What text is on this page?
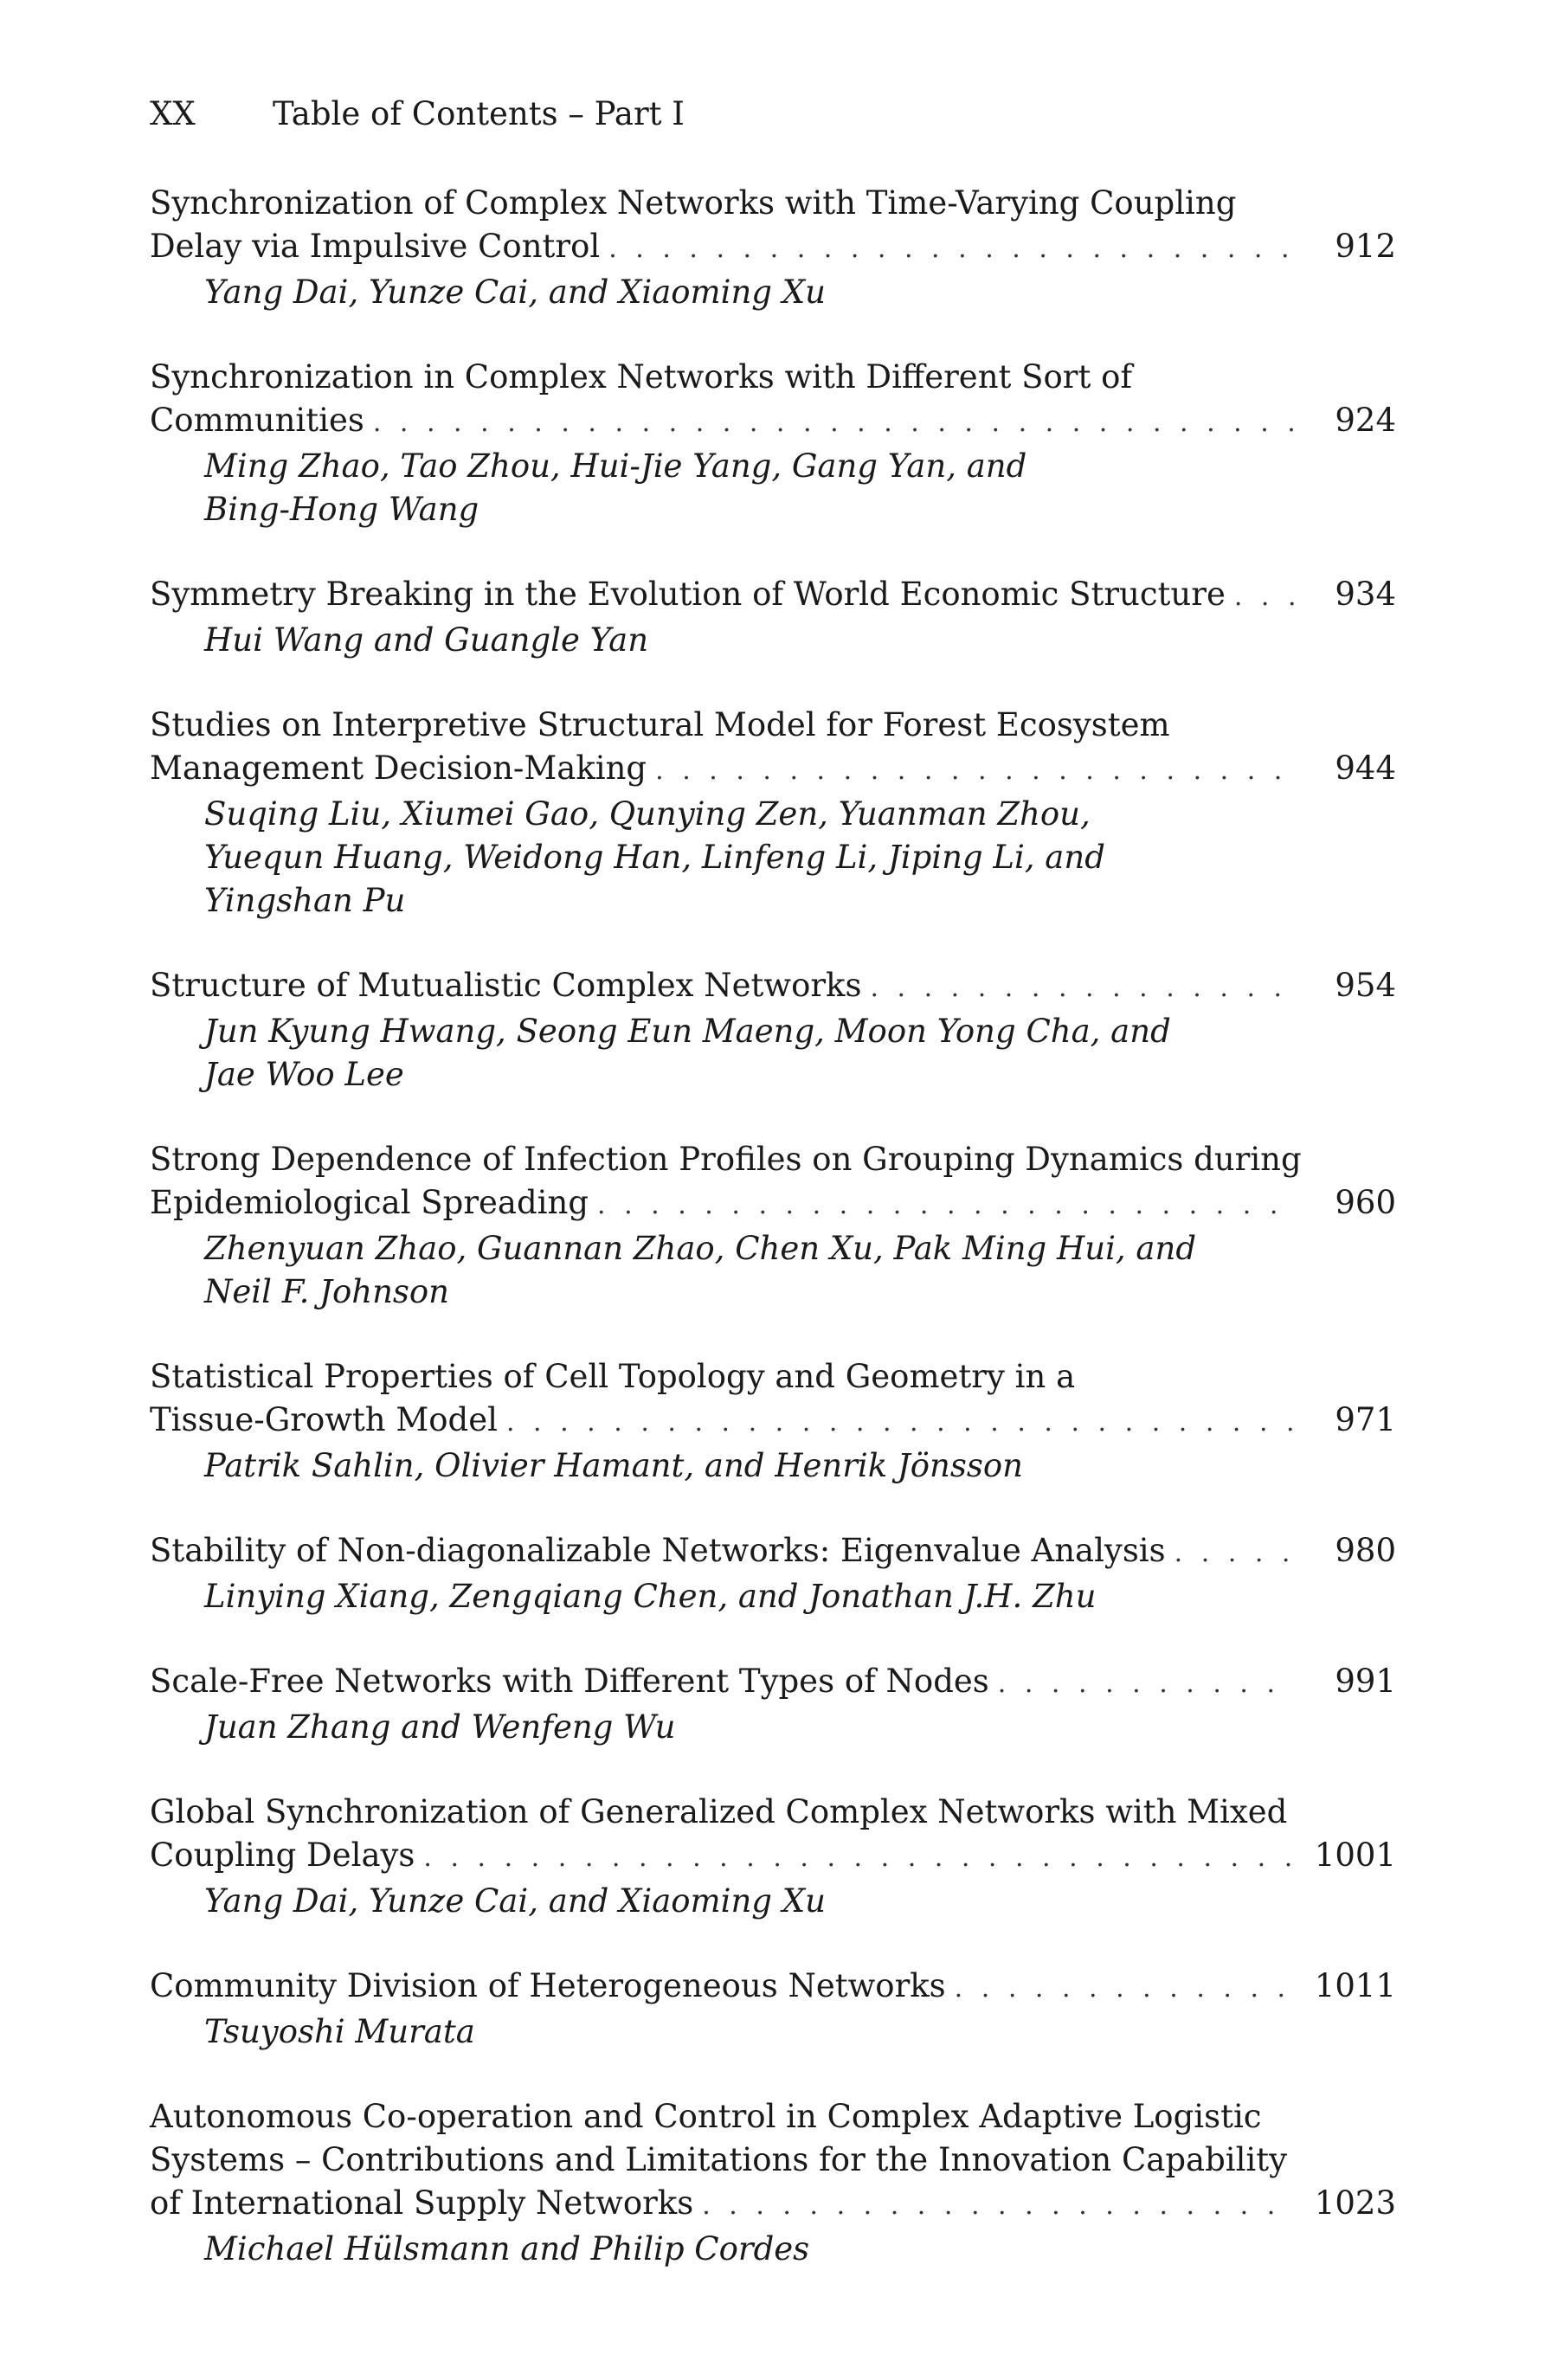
XX Table of Contents – Part I
Synchronization of Complex Networks with Time-Varying Coupling
Delay via Impulsive Control . . .	912
Yang Dai, Yunze Cai, and Xiaoming Xu
Synchronization in Complex Networks with Different Sort of
Communities . . .	924
Ming Zhao, Tao Zhou, Hui-Jie Yang, Gang Yan, and
Bing-Hong Wang
Symmetry Breaking in the Evolution of World Economic Structure . . .	934
Hui Wang and Guangle Yan
Studies on Interpretive Structural Model for Forest Ecosystem
Management Decision-Making . . .	944
Suqing Liu, Xiumei Gao, Qunying Zen, Yuanman Zhou,
Yuequn Huang, Weidong Han, Linfeng Li, Jiping Li, and
Yingshan Pu
Structure of Mutualistic Complex Networks . . .	954
Jun Kyung Hwang, Seong Eun Maeng, Moon Yong Cha, and
Jae Woo Lee
Strong Dependence of Infection Profiles on Grouping Dynamics during
Epidemiological Spreading . . .	960
Zhenyuan Zhao, Guannan Zhao, Chen Xu, Pak Ming Hui, and
Neil F. Johnson
Statistical Properties of Cell Topology and Geometry in a
Tissue-Growth Model . . .	971
Patrik Sahlin, Olivier Hamant, and Henrik Jönsson
Stability of Non-diagonalizable Networks: Eigenvalue Analysis . . .	980
Linying Xiang, Zengqiang Chen, and Jonathan J.H. Zhu
Scale-Free Networks with Different Types of Nodes . . .	991
Juan Zhang and Wenfeng Wu
Global Synchronization of Generalized Complex Networks with Mixed
Coupling Delays . . .	1001
Yang Dai, Yunze Cai, and Xiaoming Xu
Community Division of Heterogeneous Networks . . .	1011
Tsuyoshi Murata
Autonomous Co-operation and Control in Complex Adaptive Logistic
Systems – Contributions and Limitations for the Innovation Capability
of International Supply Networks . . .	1023
Michael Hülsmann and Philip Cordes
